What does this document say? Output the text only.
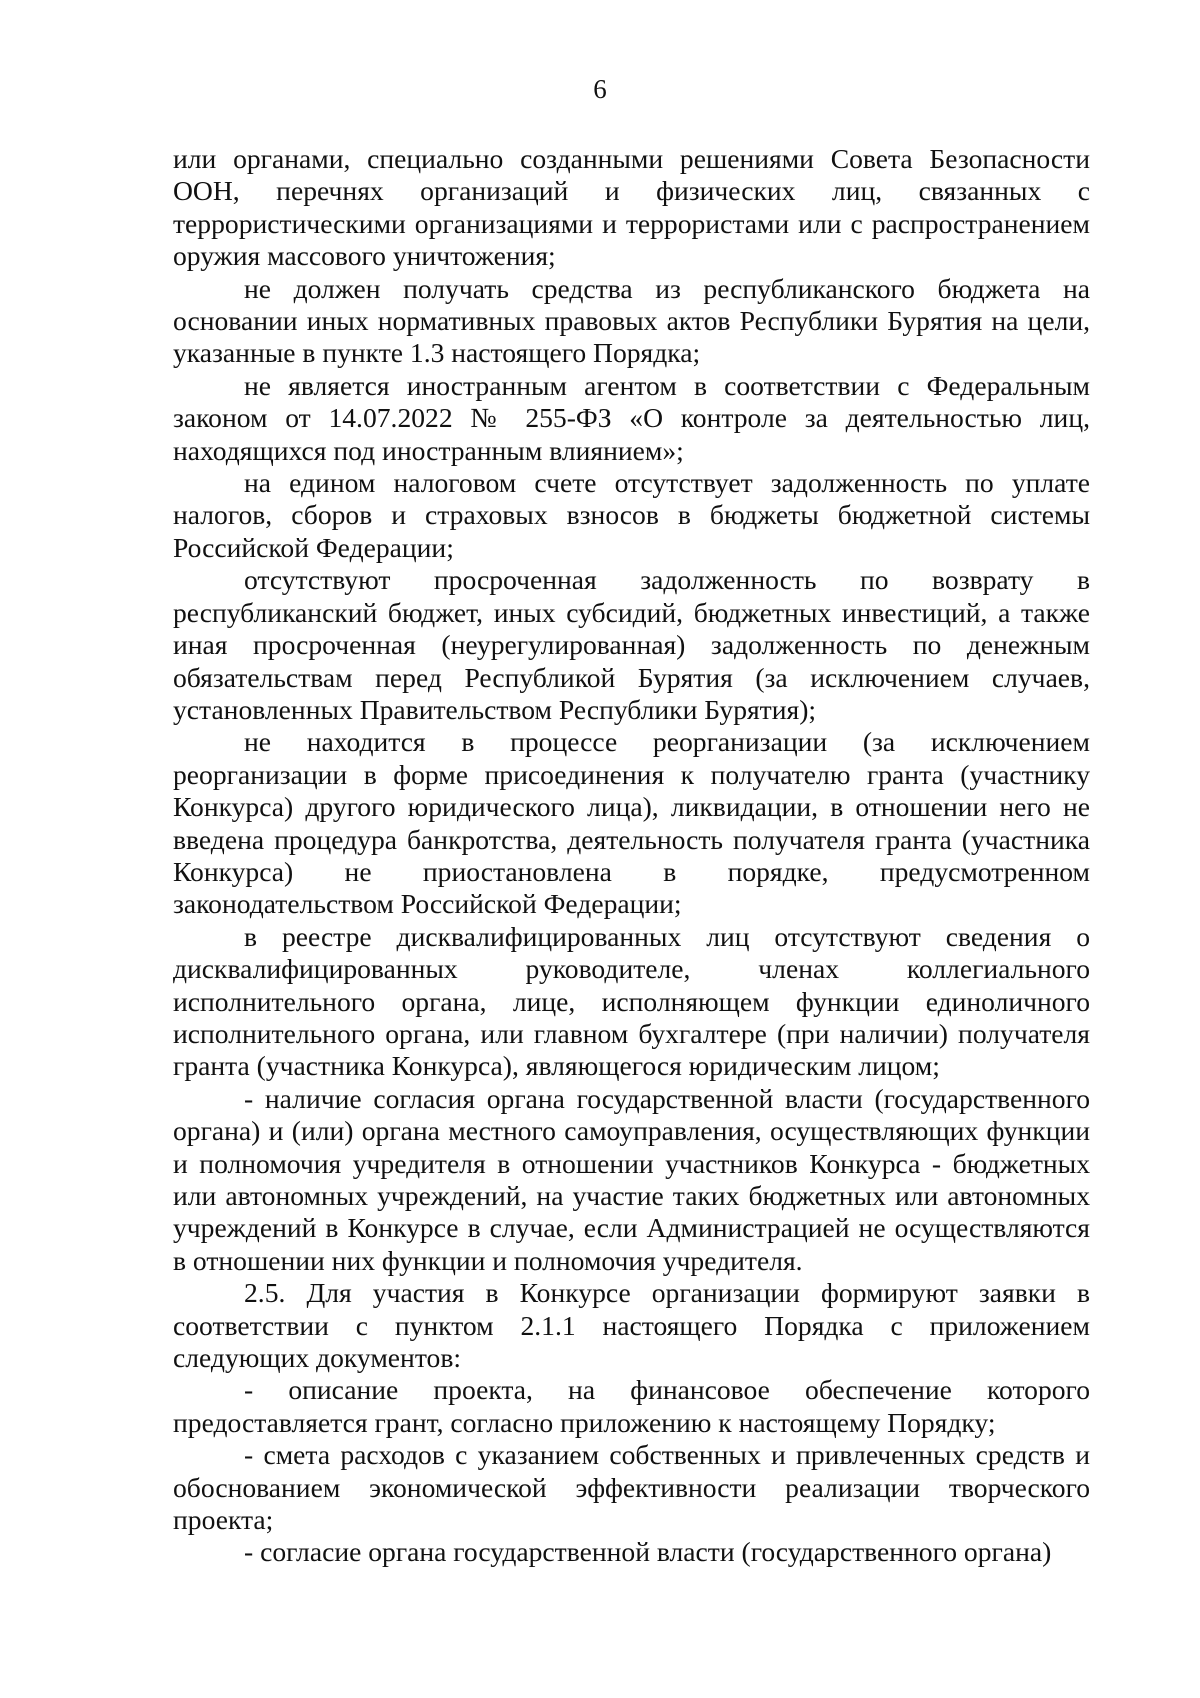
6

или органами, специально созданными решениями Совета Безопасности ООН, перечнях организаций и физических лиц, связанных с террористическими организациями и террористами или с распространением оружия массового уничтожения;

не должен получать средства из республиканского бюджета на основании иных нормативных правовых актов Республики Бурятия на цели, указанные в пункте 1.3 настоящего Порядка;

не является иностранным агентом в соответствии с Федеральным законом от 14.07.2022 № 255-ФЗ «О контроле за деятельностью лиц, находящихся под иностранным влиянием»;

на едином налоговом счете отсутствует задолженность по уплате налогов, сборов и страховых взносов в бюджеты бюджетной системы Российской Федерации;

отсутствуют просроченная задолженность по возврату в республиканский бюджет, иных субсидий, бюджетных инвестиций, а также иная просроченная (неурегулированная) задолженность по денежным обязательствам перед Республикой Бурятия (за исключением случаев, установленных Правительством Республики Бурятия);

не находится в процессе реорганизации (за исключением реорганизации в форме присоединения к получателю гранта (участнику Конкурса) другого юридического лица), ликвидации, в отношении него не введена процедура банкротства, деятельность получателя гранта (участника Конкурса) не приостановлена в порядке, предусмотренном законодательством Российской Федерации;

в реестре дисквалифицированных лиц отсутствуют сведения о дисквалифицированных руководителе, членах коллегиального исполнительного органа, лице, исполняющем функции единоличного исполнительного органа, или главном бухгалтере (при наличии) получателя гранта (участника Конкурса), являющегося юридическим лицом;

- наличие согласия органа государственной власти (государственного органа) и (или) органа местного самоуправления, осуществляющих функции и полномочия учредителя в отношении участников Конкурса - бюджетных или автономных учреждений, на участие таких бюджетных или автономных учреждений в Конкурсе в случае, если Администрацией не осуществляются в отношении них функции и полномочия учредителя.

2.5. Для участия в Конкурсе организации формируют заявки в соответствии с пунктом 2.1.1 настоящего Порядка с приложением следующих документов:

- описание проекта, на финансовое обеспечение которого предоставляется грант, согласно приложению к настоящему Порядку;

- смета расходов с указанием собственных и привлеченных средств и обоснованием экономической эффективности реализации творческого проекта;

- согласие органа государственной власти (государственного органа)
